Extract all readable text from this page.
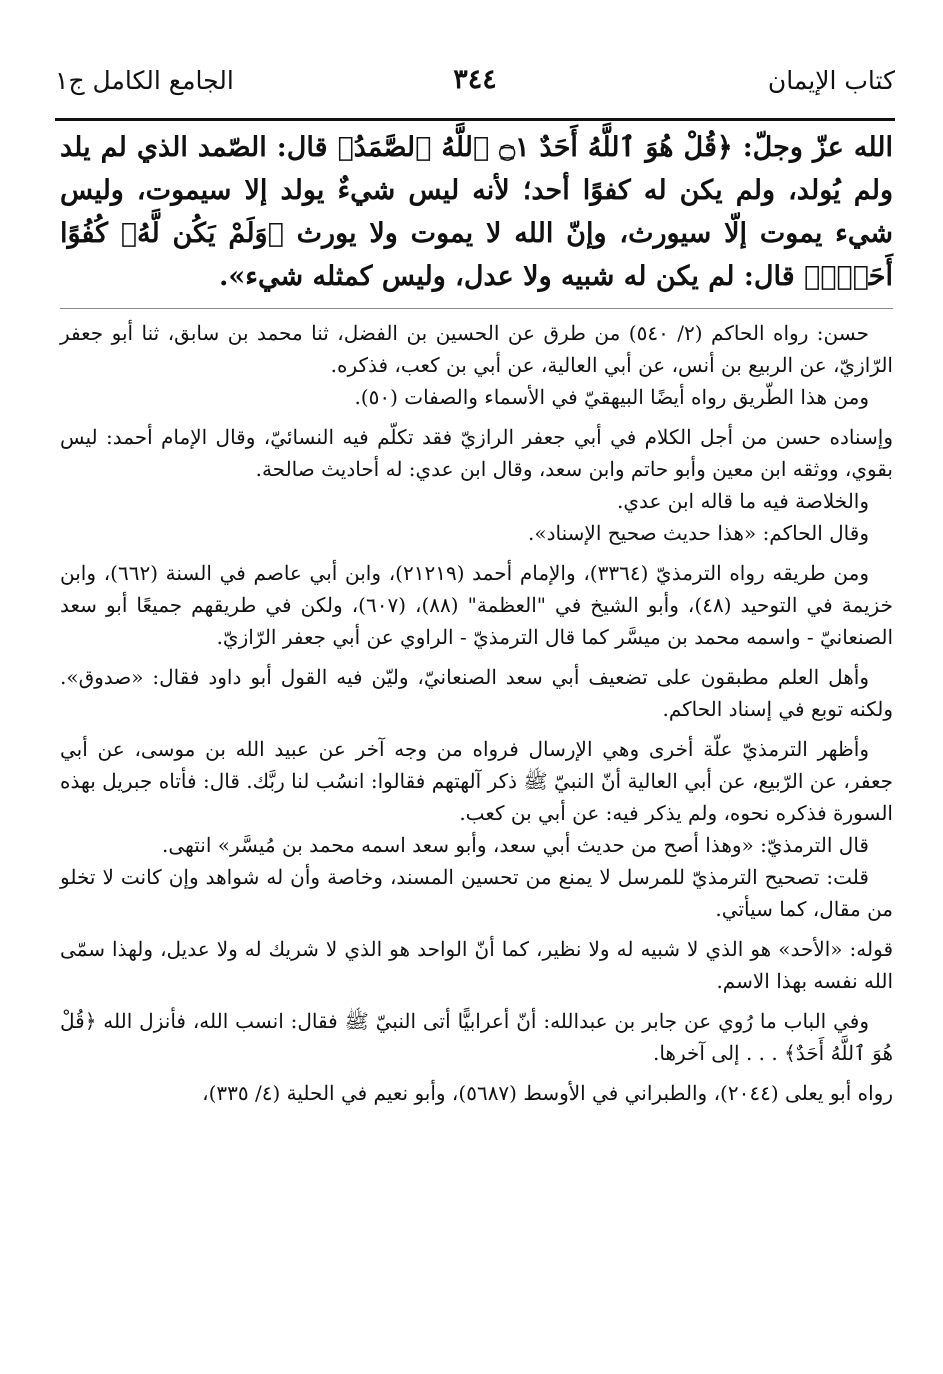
كتاب الإيمان
٣٤٤
الجامع الكامل ج١

الله عزّ وجلّ: ﴿قُلْ هُوَ ٱللَّهُ أَحَدٌ ۝١ ٱللَّهُ ٱلصَّمَدُ﴾ قال: الصّمد الذي لم يلد ولم يُولد، ولم يكن له كفوًا أحد؛ لأنه ليس شيءٌ يولد إلا سيموت، وليس شيء يموت إلّا سيورث، وإنّ الله لا يموت ولا يورث ﴿وَلَمْ يَكُن لَّهُۥ كُفُوًا أَحَدٌۢ﴾ قال: لم يكن له شبيه ولا عدل، وليس كمثله شيء».

حسن: رواه الحاكم (٢/ ٥٤٠) من طرق عن الحسين بن الفضل، ثنا محمد بن سابق، ثنا أبو جعفر الرّازيّ، عن الربيع بن أنس، عن أبي العالية، عن أبي بن كعب، فذكره.

ومن هذا الطّريق رواه أيضًا البيهقيّ في الأسماء والصفات (٥٠).

وإسناده حسن من أجل الكلام في أبي جعفر الرازيّ فقد تكلّم فيه النسائيّ، وقال الإمام أحمد: ليس بقوي، ووثقه ابن معين وأبو حاتم وابن سعد، وقال ابن عدي: له أحاديث صالحة.

والخلاصة فيه ما قاله ابن عدي.

وقال الحاكم: «هذا حديث صحيح الإسناد».

ومن طريقه رواه الترمذيّ (٣٣٦٤)، والإمام أحمد (٢١٢١٩)، وابن أبي عاصم في السنة (٦٦٢)، وابن خزيمة في التوحيد (٤٨)، وأبو الشيخ في "العظمة" (٨٨)، (٦٠٧)، ولكن في طريقهم جميعًا أبو سعد الصنعانيّ - واسمه محمد بن ميسَّر كما قال الترمذيّ - الراوي عن أبي جعفر الرّازيّ.

وأهل العلم مطبقون على تضعيف أبي سعد الصنعانيّ، وليّن فيه القول أبو داود فقال: «صدوق». ولكنه توبع في إسناد الحاكم.

وأظهر الترمذيّ علّة أخرى وهي الإرسال فرواه من وجه آخر عن عبيد الله بن موسى، عن أبي جعفر، عن الرّبيع، عن أبي العالية أنّ النبيّ ﷺ ذكر آلهتهم فقالوا: انسُب لنا ربَّك. قال: فأتاه جبريل بهذه السورة فذكره نحوه، ولم يذكر فيه: عن أبي بن كعب.

قال الترمذيّ: «وهذا أصح من حديث أبي سعد، وأبو سعد اسمه محمد بن مُيسَّر» انتهى.

قلت: تصحيح الترمذيّ للمرسل لا يمنع من تحسين المسند، وخاصة وأن له شواهد وإن كانت لا تخلو من مقال، كما سيأتي.

قوله: «الأحد» هو الذي لا شبيه له ولا نظير، كما أنّ الواحد هو الذي لا شريك له ولا عديل، ولهذا سمّى الله نفسه بهذا الاسم.

وفي الباب ما رُوي عن جابر بن عبدالله: أنّ أعرابيًّا أتى النبيّ ﷺ فقال: انسب الله، فأنزل الله ﴿قُلْ هُوَ ٱللَّهُ أَحَدٌ﴾ . . . إلى آخرها.

رواه أبو يعلى (٢٠٤٤)، والطبراني في الأوسط (٥٦٨٧)، وأبو نعيم في الحلية (٤/ ٣٣٥)،
